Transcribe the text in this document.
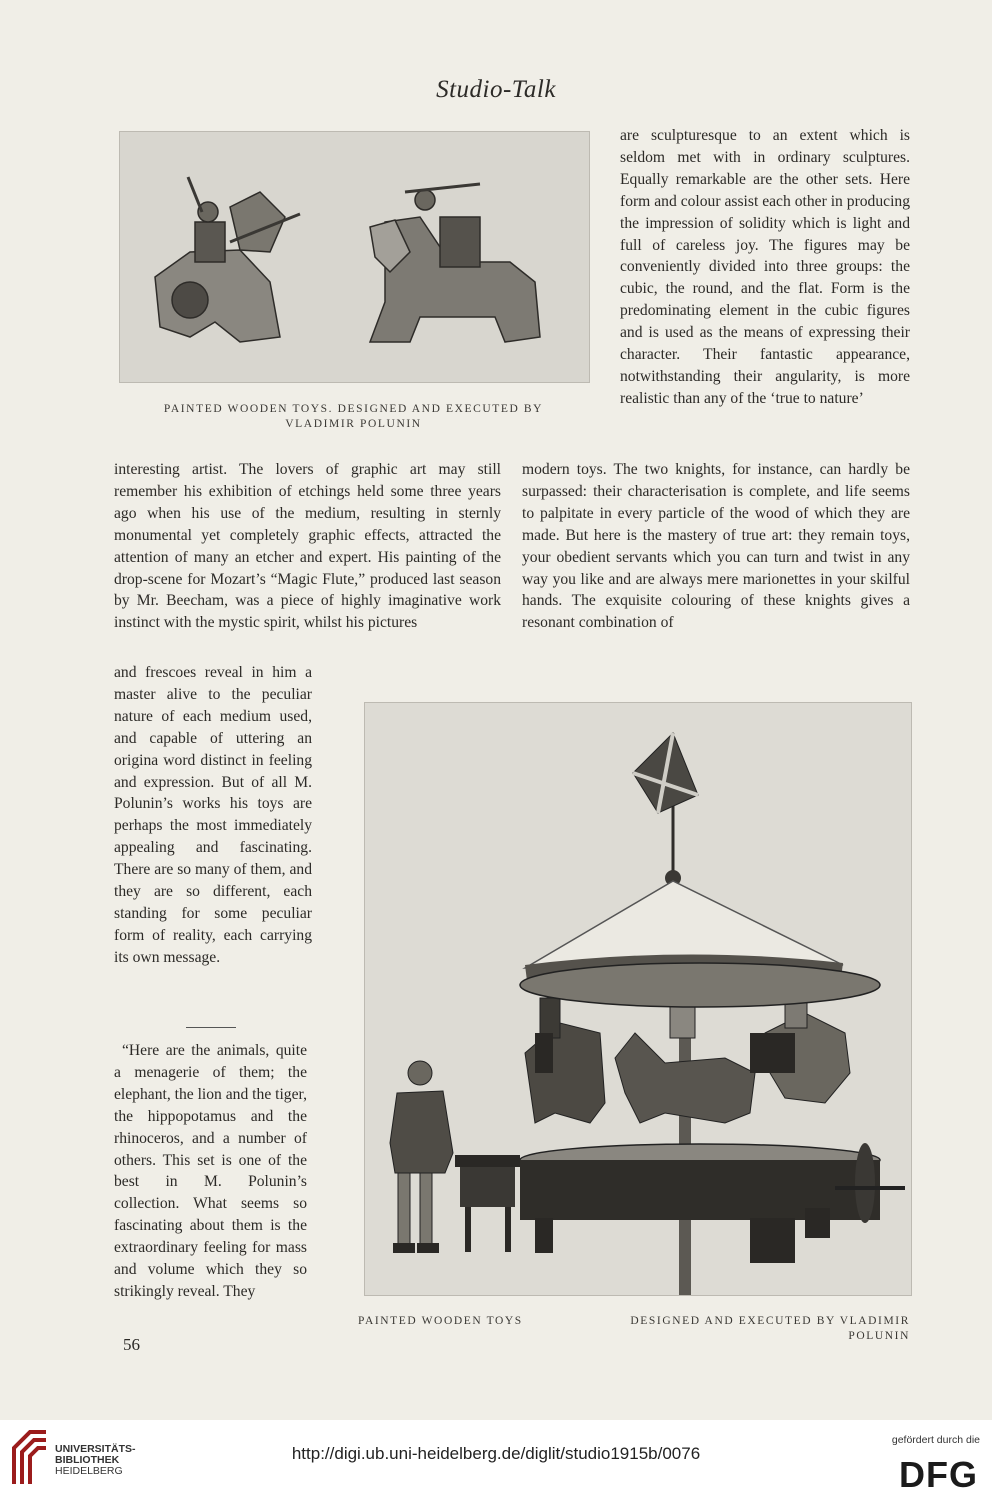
Studio-Talk
PAINTED WOODEN TOYS. DESIGNED AND EXECUTED BY
VLADIMIR POLUNIN

are sculpturesque to an extent which is seldom met with in ordinary sculptures. Equally remarkable are the other sets. Here form and colour assist each other in producing the impression of solidity which is light and full of careless joy. The figures may be conveniently divided into three groups: the cubic, the round, and the flat. Form is the predominating element in the cubic figures and is used as the means of expressing their character. Their fantastic appearance, notwithstanding their angularity, is more realistic than any of the ‘true to nature’

interesting artist. The lovers of graphic art may still remember his exhibition of etchings held some three years ago when his use of the medium, resulting in sternly monumental yet completely graphic effects, attracted the attention of many an etcher and expert. His painting of the drop-scene for Mozart’s “Magic Flute,” produced last season by Mr. Beecham, was a piece of highly imaginative work instinct with the mystic spirit, whilst his pictures

modern toys. The two knights, for instance, can hardly be surpassed: their characterisation is complete, and life seems to palpitate in every particle of the wood of which they are made. But here is the mastery of true art: they remain toys, your obedient servants which you can turn and twist in any way you like and are always mere marionettes in your skilful hands. The exquisite colouring of these knights gives a resonant combination of

and frescoes reveal in him a master alive to the peculiar nature of each medium used, and capable of uttering an origina word distinct in feeling and expression. But of all M. Polunin’s works his toys are perhaps the most immediately appealing and fascinating. There are so many of them, and they are so different, each standing for some peculiar form of reality, each carrying its own message.

“Here are the animals, quite a menagerie of them; the elephant, the lion and the tiger, the hippopotamus and the rhinoceros, and a number of others. This set is one of the best in M. Polunin’s collection. What seems so fascinating about them is the extraordinary feeling for mass and volume which they so strikingly reveal. They

PAINTED WOODEN TOYS	DESIGNED AND EXECUTED BY VLADIMIR POLUNIN
56
UNIVERSITÄTS-
BIBLIOTHEK
HEIDELBERG
http://digi.ub.uni-heidelberg.de/diglit/studio1915b/0076
gefördert durch die
DFG
